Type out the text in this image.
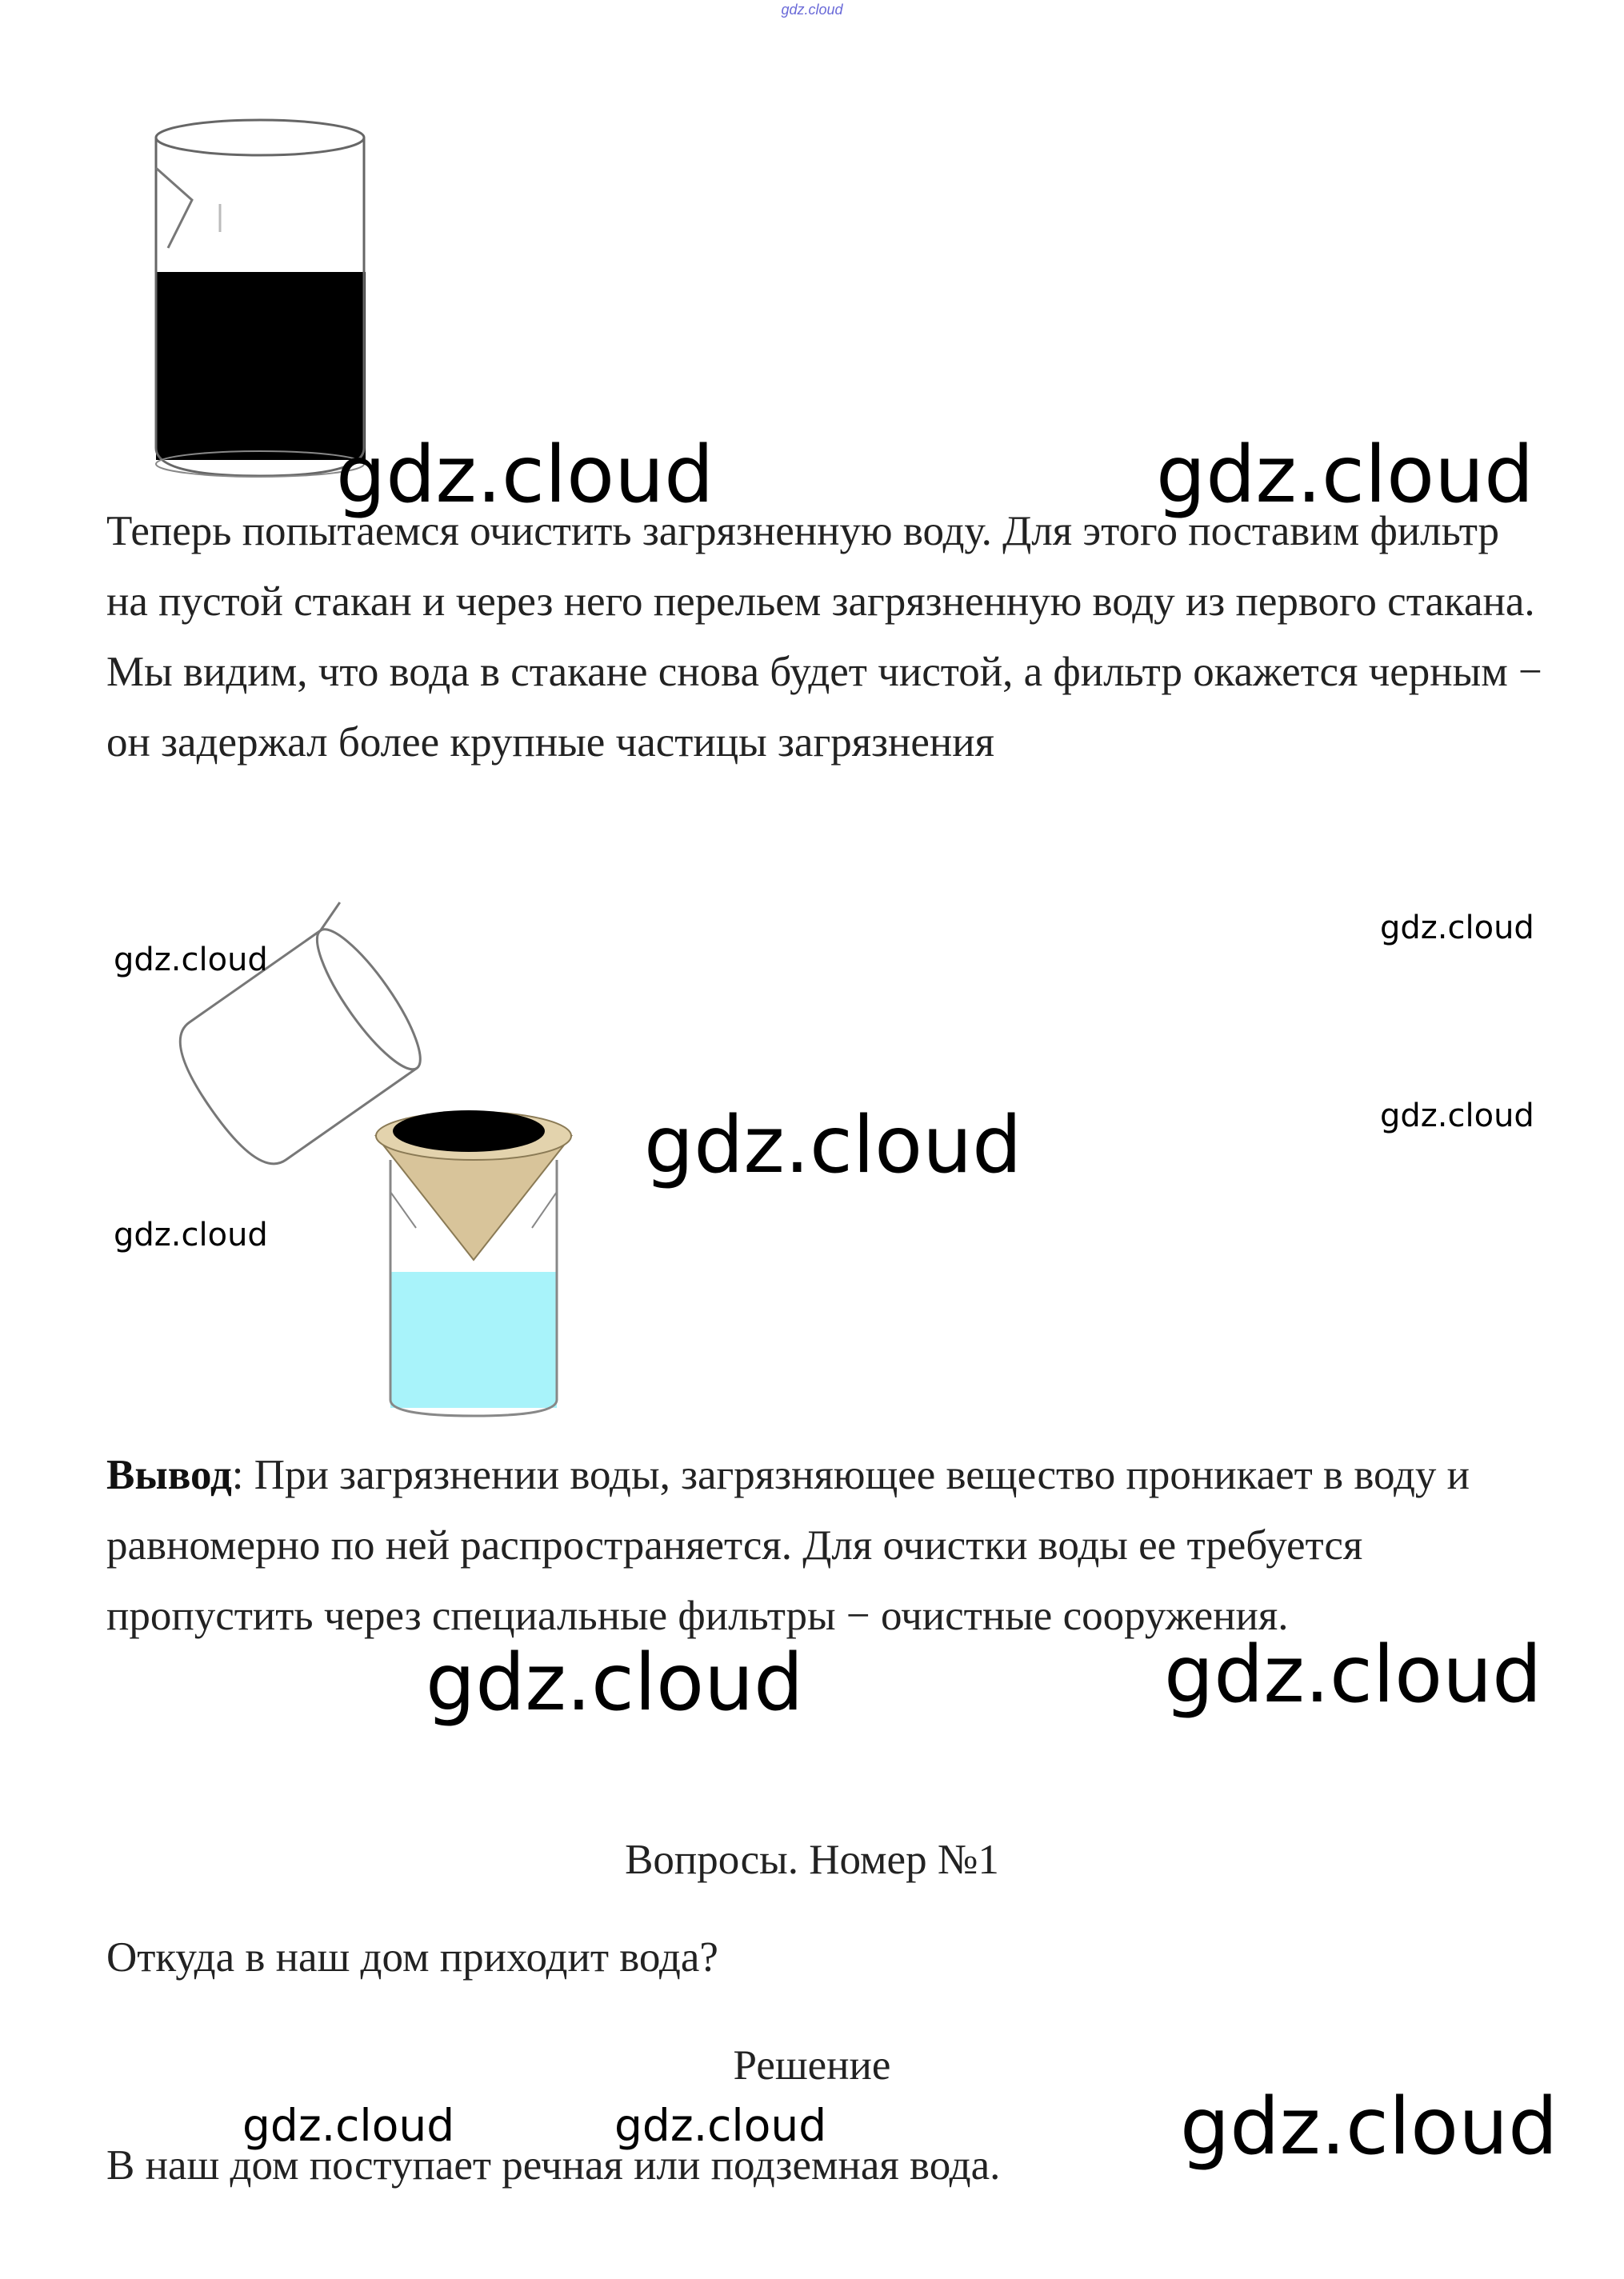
gdz.cloud
gdz.cloud	gdz.cloud
Теперь попытаемся очистить загрязненную воду. Для этого поставим фильтр на пустой стакан и через него перельем загрязненную воду из первого стакана. Мы видим, что вода в стакане снова будет чистой, а фильтр окажется черным − он задержал более крупные частицы загрязнения
gdz.cloud
gdz.cloud
gdz.cloud	gdz.cloud
gdz.cloud
Вывод: При загрязнении воды, загрязняющее вещество проникает в воду и равномерно по ней распространяется. Для очистки воды ее требуется пропустить через специальные фильтры − очистные сооружения.
gdz.cloud	gdz.cloud
Вопросы. Номер №1
Откуда в наш дом приходит вода?
Решение
gdz.cloud	gdz.cloud	gdz.cloud
В наш дом поступает речная или подземная вода.
